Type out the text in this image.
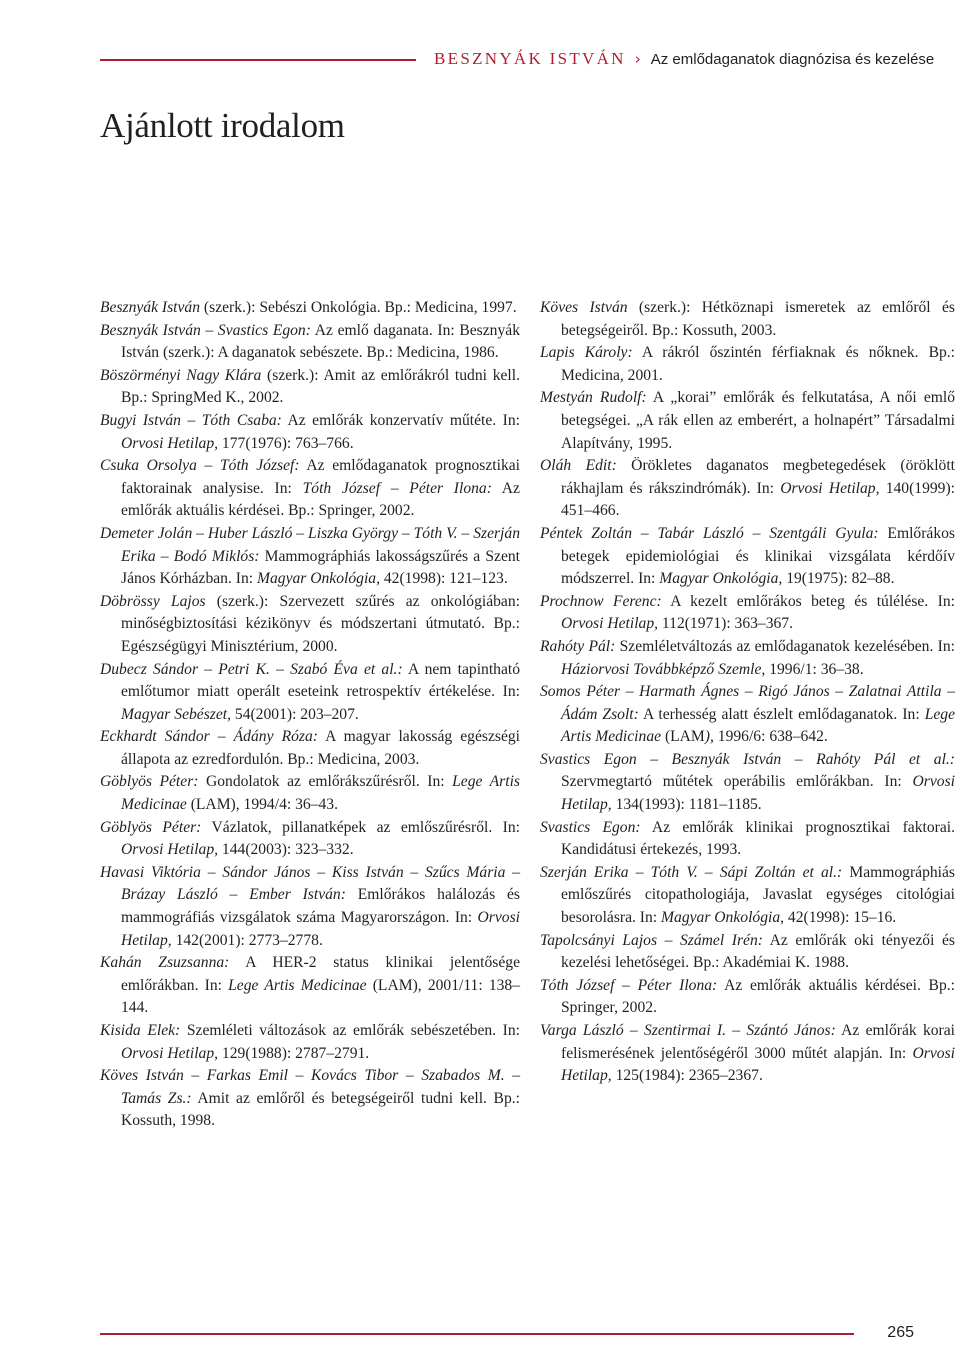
BESZNYÁK ISTVÁN › Az emlődaganatok diagnózisa és kezelése
Ajánlott irodalom

Besznyák István (szerk.): Sebészi Onkológia. Bp.: Medicina, 1997.

Besznyák István – Svastics Egon: Az emlő daganata. In: Besznyák István (szerk.): A daganatok sebészete. Bp.: Medicina, 1986.

Böszörményi Nagy Klára (szerk.): Amit az emlőrákról tudni kell. Bp.: SpringMed K., 2002.

Bugyi István – Tóth Csaba: Az emlőrák konzervatív műtéte. In: Orvosi Hetilap, 177(1976): 763–766.

Csuka Orsolya – Tóth József: Az emlődaganatok prognosztikai faktorainak analysise. In: Tóth József – Péter Ilona: Az emlőrák aktuális kérdései. Bp.: Springer, 2002.

Demeter Jolán – Huber László – Liszka György – Tóth V. – Szerján Erika – Bodó Miklós: Mammográphiás lakosságszűrés a Szent János Kórházban. In: Magyar Onkológia, 42(1998): 121–123.

Döbrössy Lajos (szerk.): Szervezett szűrés az onkológiában: minőségbiztosítási kézikönyv és módszertani útmutató. Bp.: Egészségügyi Minisztérium, 2000.

Dubecz Sándor – Petri K. – Szabó Éva et al.: A nem tapintható emlőtumor miatt operált eseteink retrospektív értékelése. In: Magyar Sebészet, 54(2001): 203–207.

Eckhardt Sándor – Ádány Róza: A magyar lakosság egészségi állapota az ezredfordulón. Bp.: Medicina, 2003.

Göblyös Péter: Gondolatok az emlőrákszűrésről. In: Lege Artis Medicinae (LAM), 1994/4: 36–43.

Göblyös Péter: Vázlatok, pillanatképek az emlőszűrésről. In: Orvosi Hetilap, 144(2003): 323–332.

Havasi Viktória – Sándor János – Kiss István – Szűcs Mária – Brázay László – Ember István: Emlőrákos halálozás és mammográfiás vizsgálatok száma Magyarországon. In: Orvosi Hetilap, 142(2001): 2773–2778.

Kahán Zsuzsanna: A HER-2 status klinikai jelentősége emlőrákban. In: Lege Artis Medicinae (LAM), 2001/11: 138–144.

Kisida Elek: Szemléleti változások az emlőrák sebészetében. In: Orvosi Hetilap, 129(1988): 2787–2791.

Köves István – Farkas Emil – Kovács Tibor – Szabados M. – Tamás Zs.: Amit az emlőről és betegségeiről tudni kell. Bp.: Kossuth, 1998.

Köves István (szerk.): Hétköznapi ismeretek az emlőről és betegségeiről. Bp.: Kossuth, 2003.

Lapis Károly: A rákról őszintén férfiaknak és nőknek. Bp.: Medicina, 2001.

Mestyán Rudolf: A „korai” emlőrák és felkutatása, A női emlő betegségei. „A rák ellen az emberért, a holnapért” Társadalmi Alapítvány, 1995.

Oláh Edit: Örökletes daganatos megbetegedések (öröklött rákhajlam és rákszindrómák). In: Orvosi Hetilap, 140(1999): 451–466.

Péntek Zoltán – Tabár László – Szentgáli Gyula: Emlőrákos betegek epidemiológiai és klinikai vizsgálata kérdőív módszerrel. In: Magyar Onkológia, 19(1975): 82–88.

Prochnow Ferenc: A kezelt emlőrákos beteg és túlélése. In: Orvosi Hetilap, 112(1971): 363–367.

Rahóty Pál: Szemléletváltozás az emlődaganatok kezelésében. In: Háziorvosi Továbbképző Szemle, 1996/1: 36–38.

Somos Péter – Harmath Ágnes – Rigó János – Zalatnai Attila – Ádám Zsolt: A terhesség alatt észlelt emlődaganatok. In: Lege Artis Medicinae (LAM), 1996/6: 638–642.

Svastics Egon – Besznyák István – Rahóty Pál et al.: Szervmegtartó műtétek operábilis emlőrákban. In: Orvosi Hetilap, 134(1993): 1181–1185.

Svastics Egon: Az emlőrák klinikai prognosztikai faktorai. Kandidátusi értekezés, 1993.

Szerján Erika – Tóth V. – Sápi Zoltán et al.: Mammográphiás emlőszűrés citopathologiája, Javaslat egységes citológiai besorolásra. In: Magyar Onkológia, 42(1998): 15–16.

Tapolcsányi Lajos – Számel Irén: Az emlőrák oki tényezői és kezelési lehetőségei. Bp.: Akadémiai K. 1988.

Tóth József – Péter Ilona: Az emlőrák aktuális kérdései. Bp.: Springer, 2002.

Varga László – Szentirmai I. – Szántó János: Az emlőrák korai felismerésének jelentőségéről 3000 műtét alapján. In: Orvosi Hetilap, 125(1984): 2365–2367.

265
